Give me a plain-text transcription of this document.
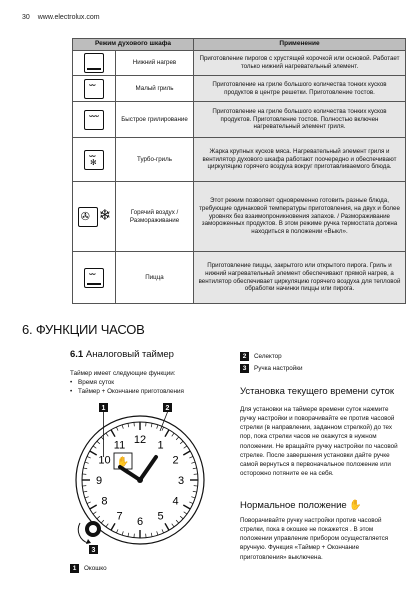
30 www.electrolux.com
Режим духового шкафа		Применение

	Нижний нагрев	Приготовление пирогов с хрустящей корочкой или основой. Работает только нижний нагревательный элемент.

ᴗᴗ	Малый гриль	Приготовление на гриле большого количества тонких кусков продуктов в центре решетки. Приготовление тостов.

ᴗᴗᴗ	Быстрое грилирование	Приготовление на гриле большого количества тонких кусков продуктов. Приготовление тостов. Полностью включен нагревательный элемент гриля.

ᴗᴗ
✻	Турбо-гриль	Жарка крупных кусков мяса. Нагревательный элемент гриля и вентилятор духового шкафа работают поочередно и обеспечивают циркуляцию горячего воздуха вокруг приготавливаемого блюда.

✇ ❄	Горячий воздух / Размораживание	Этот режим позволяет одновременно готовить разные блюда, требующие одинаковой температуры приготовления, на двух и более уровнях без взаимопроникновения запахов. / Размораживание замороженных продуктов. В этом режиме ручка термостата должна находиться в положении «Выкл».

ᴗᴗ	Пицца	Приготовление пиццы, закрытого или открытого пирога. Гриль и нижний нагревательный элемент обеспечивают прямой нагрев, а вентилятор обеспечивает циркуляцию горячего воздуха для тепловой обработки начинки пиццы или пирога.
6. ФУНКЦИИ ЧАСОВ
6.1 Аналоговый таймер
Таймер имеет следующие функции:
• Время суток
• Таймер + Окончание приготовления
1	2
12 1
2
3
4
5
6
7
8
9
10
11
✋
3
1	Окошко
2	Селектор
3	Ручка настройки
Установка текущего времени суток
Для установки на таймере времени суток нажмите ручку настройки и поворачивайте ее против часовой стрелки (в направлении, заданном стрелкой) до тех пор, пока стрелки часов не окажутся в нужном положении. Не вращайте ручку настройки по часовой стрелке. После завершения установки дайте ручке самой вернуться в первоначальное положение или осторожно потяните ее на себя.
Нормальное положение ✋
Поворачивайте ручку настройки против часовой стрелки, пока в окошке не покажется . В этом положении управление прибором осуществляется вручную. Функция «Таймер + Окончание приготовления» выключена.
